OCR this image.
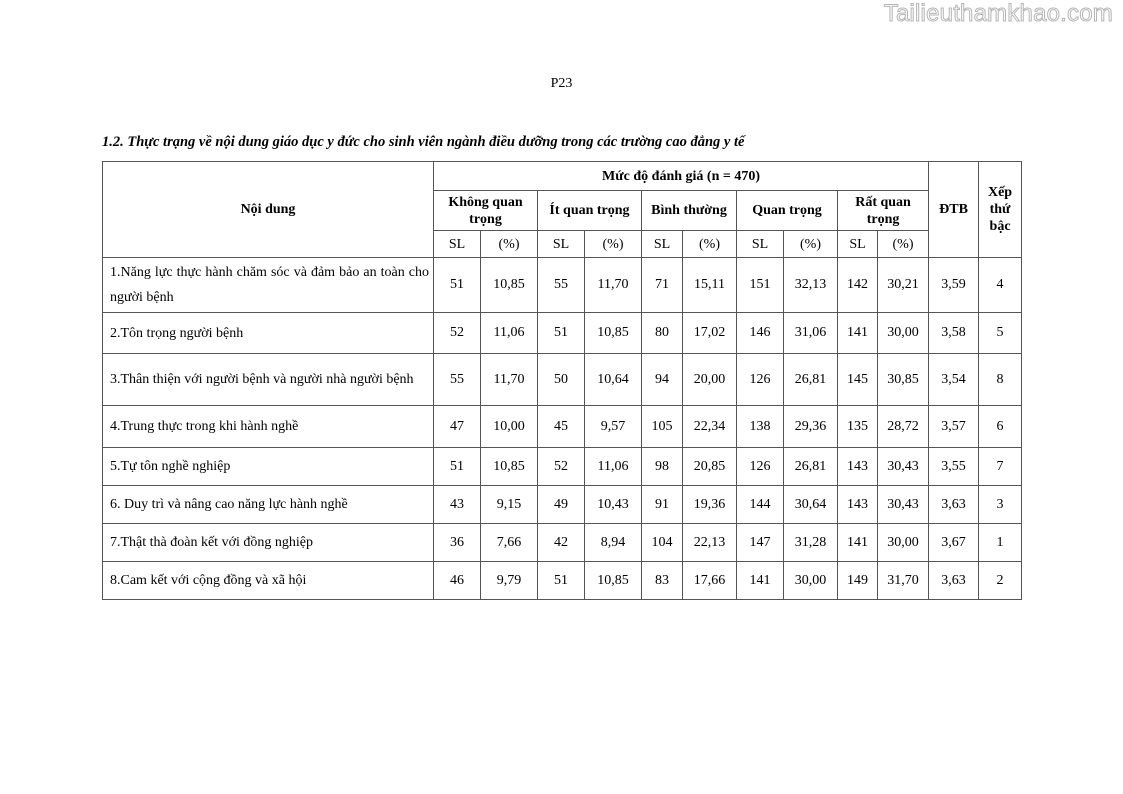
Tailieuthamkhao.com
P23
1.2. Thực trạng về nội dung giáo dục y đức cho sinh viên ngành điều dưỡng trong các trường cao đẳng y tế
Nội dung	Mức độ đánh giá (n = 470)										ĐTB	Xếp thứ bậc
	Không quan trọng		Ít quan trọng		Bình thường		Quan trọng		Rất quan trọng			
	SL	(%)	SL	(%)	SL	(%)	SL	(%)	SL	(%)		
1.Năng lực thực hành chăm sóc và đảm bảo an toàn cho người bệnh	51	10,85	55	11,70	71	15,11	151	32,13	142	30,21	3,59	4
2.Tôn trọng người bệnh	52	11,06	51	10,85	80	17,02	146	31,06	141	30,00	3,58	5
3.Thân thiện với người bệnh và người nhà người bệnh	55	11,70	50	10,64	94	20,00	126	26,81	145	30,85	3,54	8
4.Trung thực trong khi hành nghề	47	10,00	45	9,57	105	22,34	138	29,36	135	28,72	3,57	6
5.Tự tôn nghề nghiệp	51	10,85	52	11,06	98	20,85	126	26,81	143	30,43	3,55	7
6. Duy trì và nâng cao năng lực hành nghề	43	9,15	49	10,43	91	19,36	144	30,64	143	30,43	3,63	3
7.Thật thà đoàn kết với đồng nghiệp	36	7,66	42	8,94	104	22,13	147	31,28	141	30,00	3,67	1
8.Cam kết với cộng đồng và xã hội	46	9,79	51	10,85	83	17,66	141	30,00	149	31,70	3,63	2
